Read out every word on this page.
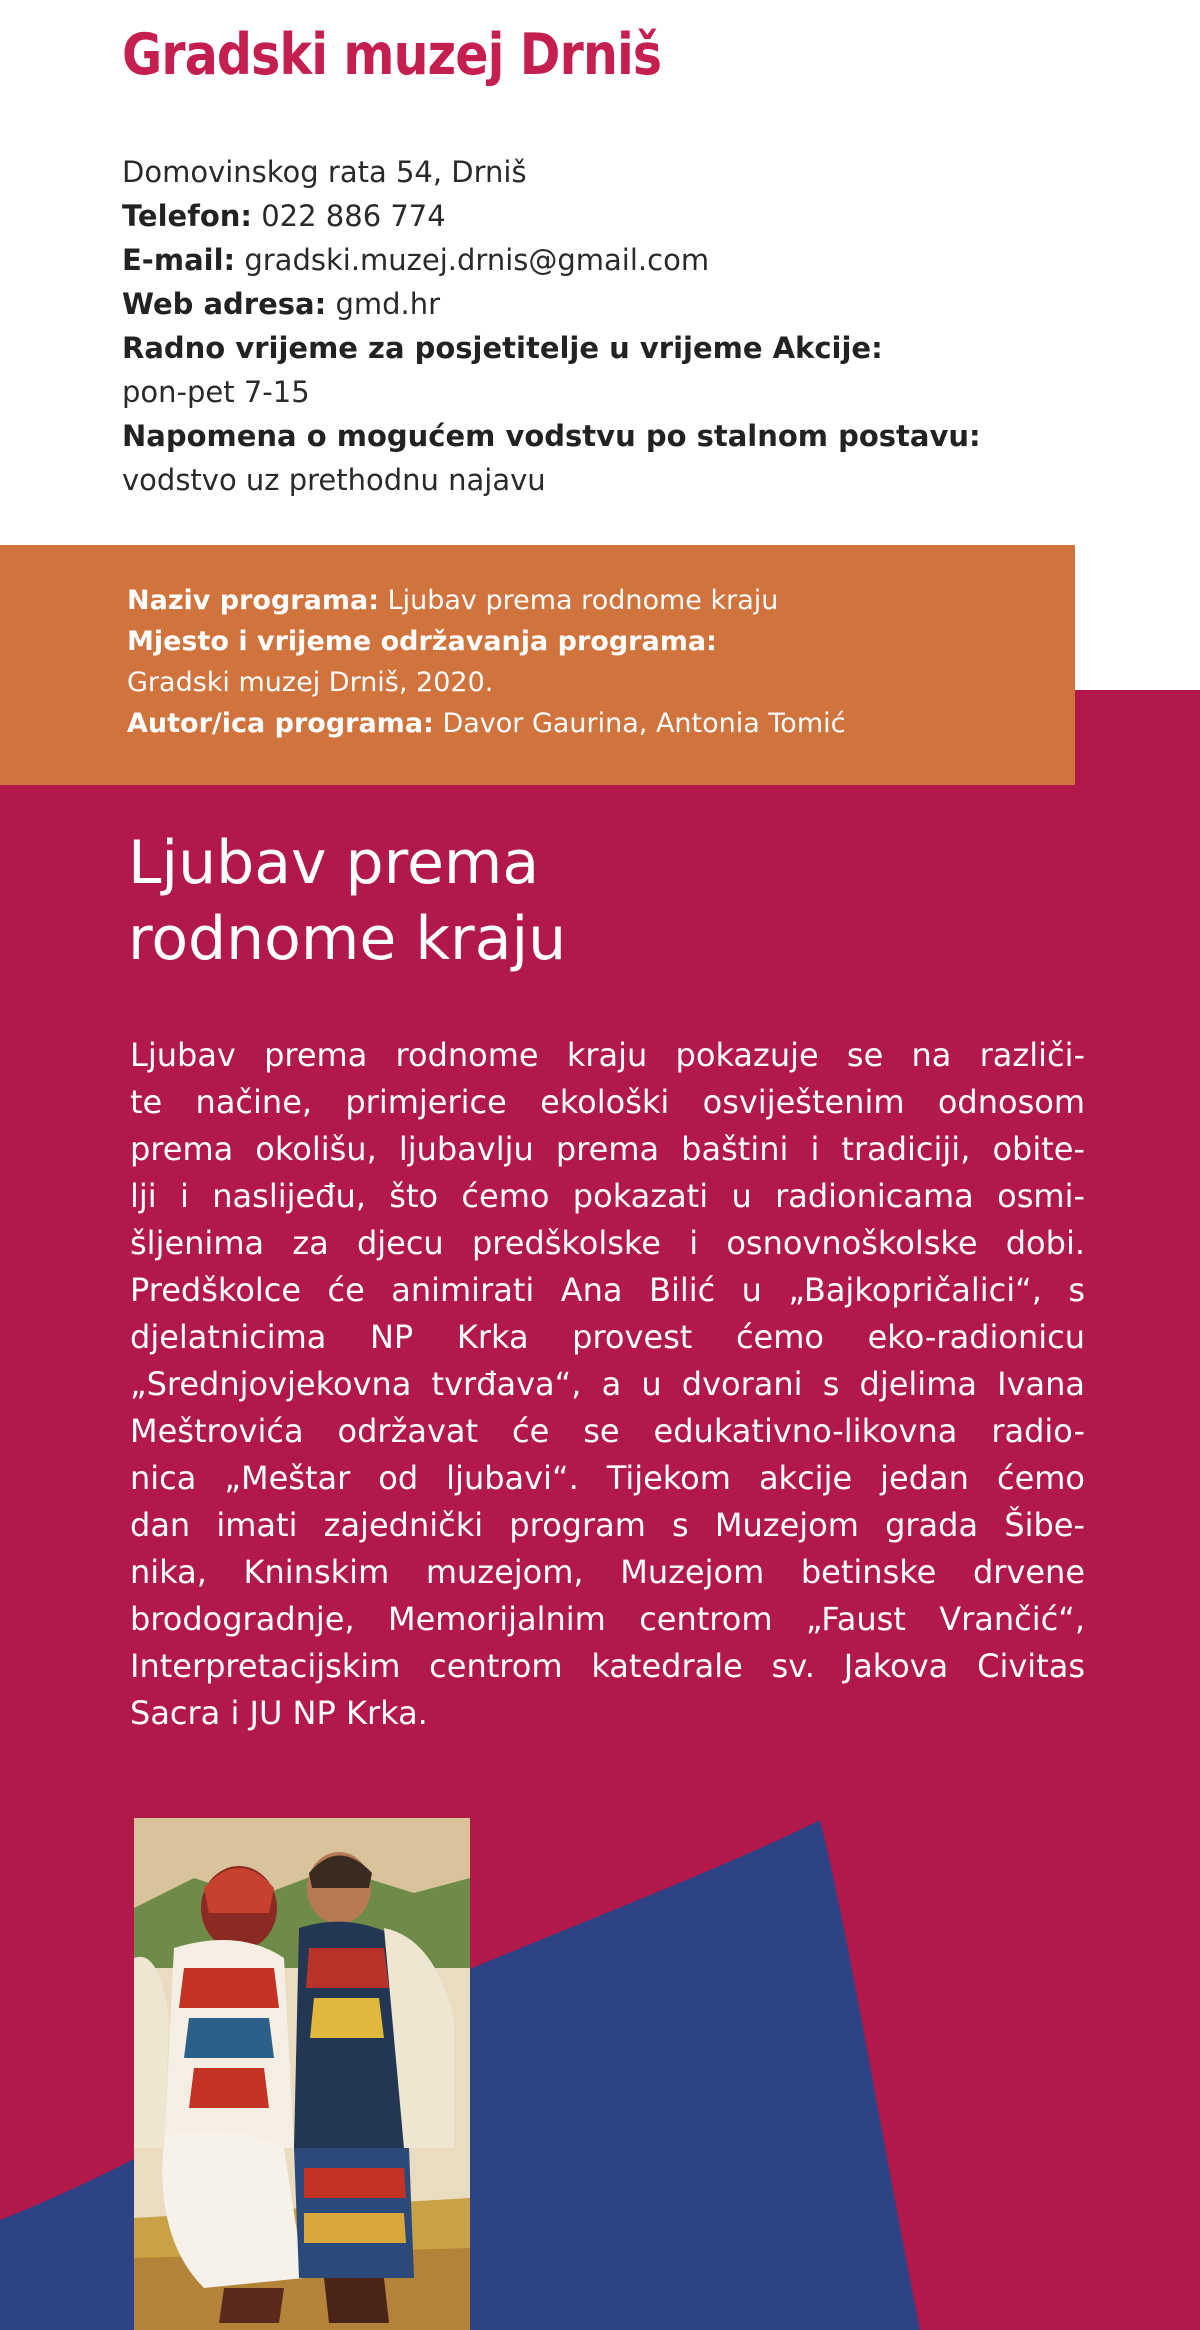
Gradski muzej Drniš
Domovinskog rata 54, Drniš
Telefon: 022 886 774
E-mail: gradski.muzej.drnis@gmail.com
Web adresa: gmd.hr
Radno vrijeme za posjetitelje u vrijeme Akcije:
pon-pet 7-15
Napomena o mogućem vodstvu po stalnom postavu:
vodstvo uz prethodnu najavu
Naziv programa: Ljubav prema rodnome kraju
Mjesto i vrijeme održavanja programa:
Gradski muzej Drniš, 2020.
Autor/ica programa: Davor Gaurina, Antonia Tomić
Ljubav prema
rodnome kraju
Ljubav prema rodnome kraju pokazuje se na različi-
te načine, primjerice ekološki osviještenim odnosom
prema okolišu, ljubavlju prema baštini i tradiciji, obite-
lji i naslijeđu, što ćemo pokazati u radionicama osmi-
šljenima za djecu predškolske i osnovnoškolske dobi.
Predškolce će animirati Ana Bilić u „Bajkopričalici“, s
djelatnicima NP Krka provest ćemo eko-radionicu
„Srednjovjekovna tvrđava“, a u dvorani s djelima Ivana
Meštrovića održavat će se edukativno-likovna radio-
nica „Meštar od ljubavi“. Tijekom akcije jedan ćemo
dan imati zajednički program s Muzejom grada Šibe-
nika, Kninskim muzejom, Muzejom betinske drvene
brodogradnje, Memorijalnim centrom „Faust Vrančić“,
Interpretacijskim centrom katedrale sv. Jakova Civitas
Sacra i JU NP Krka.
